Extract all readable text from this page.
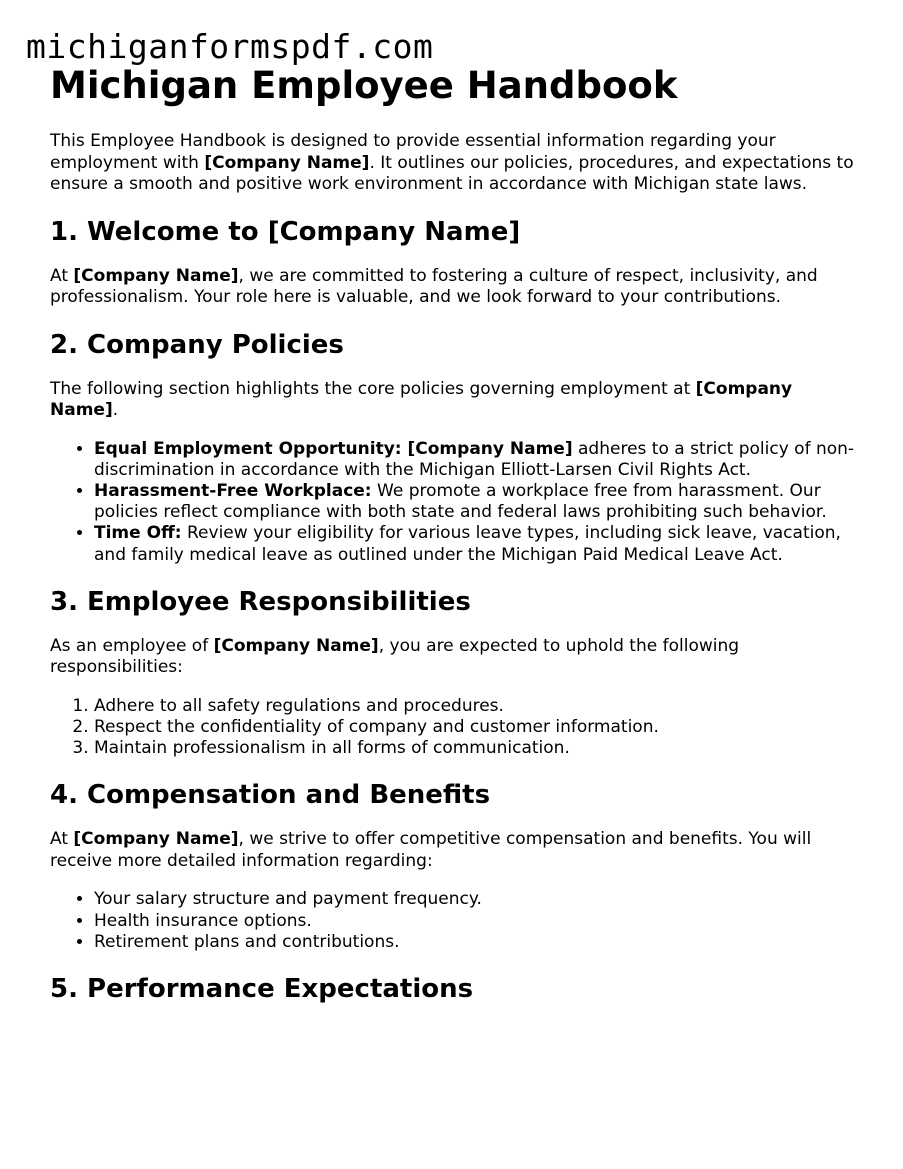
michiganformspdf.com
Michigan Employee Handbook

This Employee Handbook is designed to provide essential information regarding your employment with [Company Name]. It outlines our policies, procedures, and expectations to ensure a smooth and positive work environment in accordance with Michigan state laws.

1. Welcome to [Company Name]

At [Company Name], we are committed to fostering a culture of respect, inclusivity, and professionalism. Your role here is valuable, and we look forward to your contributions.

2. Company Policies

The following section highlights the core policies governing employment at [Company Name].

• Equal Employment Opportunity: [Company Name] adheres to a strict policy of non-discrimination in accordance with the Michigan Elliott-Larsen Civil Rights Act.
• Harassment-Free Workplace: We promote a workplace free from harassment. Our policies reflect compliance with both state and federal laws prohibiting such behavior.
• Time Off: Review your eligibility for various leave types, including sick leave, vacation, and family medical leave as outlined under the Michigan Paid Medical Leave Act.
3. Employee Responsibilities

As an employee of [Company Name], you are expected to uphold the following responsibilities:

1. Adhere to all safety regulations and procedures.
2. Respect the confidentiality of company and customer information.
3. Maintain professionalism in all forms of communication.
4. Compensation and Benefits

At [Company Name], we strive to offer competitive compensation and benefits. You will receive more detailed information regarding:

• Your salary structure and payment frequency.
• Health insurance options.
• Retirement plans and contributions.
5. Performance Expectations
